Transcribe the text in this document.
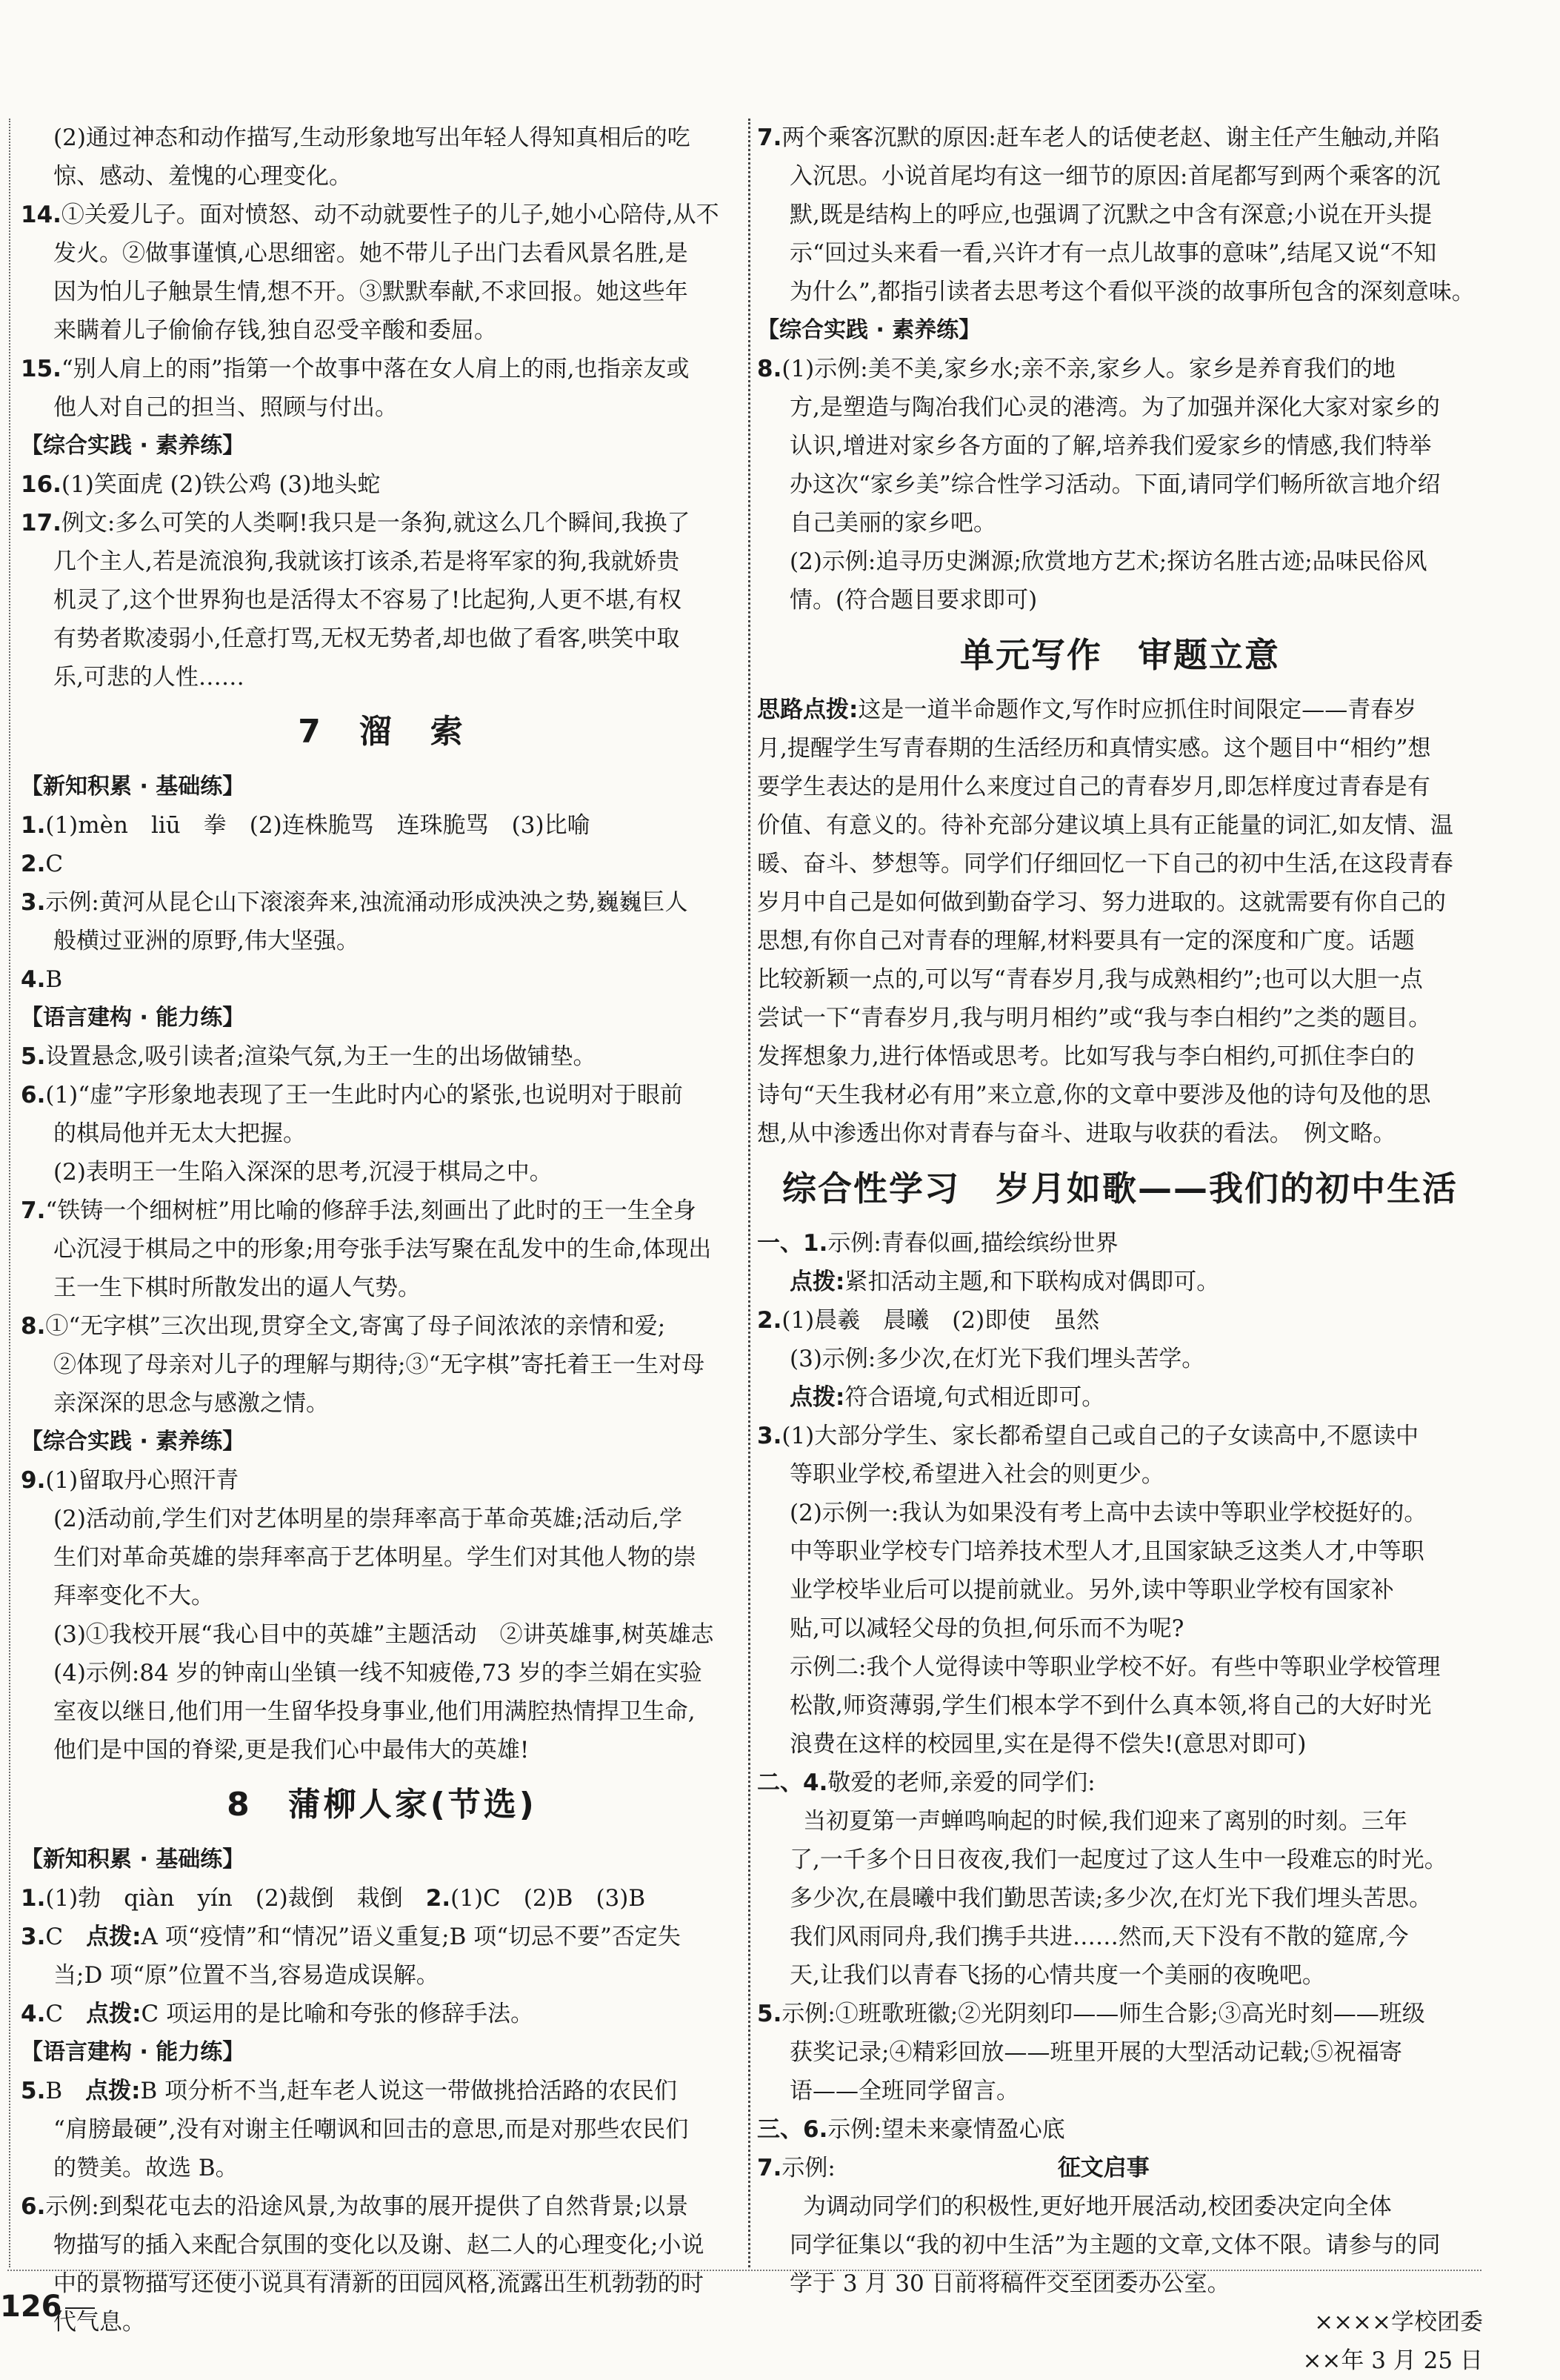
(2)通过神态和动作描写,生动形象地写出年轻人得知真相后的吃

惊、感动、羞愧的心理变化。

14.①关爱儿子。面对愤怒、动不动就要性子的儿子,她小心陪侍,从不

发火。②做事谨慎,心思细密。她不带儿子出门去看风景名胜,是

因为怕儿子触景生情,想不开。③默默奉献,不求回报。她这些年

来瞒着儿子偷偷存钱,独自忍受辛酸和委屈。

15.“别人肩上的雨”指第一个故事中落在女人肩上的雨,也指亲友或

他人对自己的担当、照顾与付出。

【综合实践 · 素养练】

16.(1)笑面虎 (2)铁公鸡 (3)地头蛇

17.例文:多么可笑的人类啊!我只是一条狗,就这么几个瞬间,我换了

几个主人,若是流浪狗,我就该打该杀,若是将军家的狗,我就娇贵

机灵了,这个世界狗也是活得太不容易了!比起狗,人更不堪,有权

有势者欺凌弱小,任意打骂,无权无势者,却也做了看客,哄笑中取

乐,可悲的人性……

7　溜　索

【新知积累 · 基础练】

1.(1)mèn　liū　拳　(2)连株脆骂　连珠脆骂　(3)比喻

2.C

3.示例:黄河从昆仑山下滚滚奔来,浊流涌动形成泱泱之势,巍巍巨人

般横过亚洲的原野,伟大坚强。

4.B

【语言建构 · 能力练】

5.设置悬念,吸引读者;渲染气氛,为王一生的出场做铺垫。

6.(1)“虚”字形象地表现了王一生此时内心的紧张,也说明对于眼前

的棋局他并无太大把握。

(2)表明王一生陷入深深的思考,沉浸于棋局之中。

7.“铁铸一个细树桩”用比喻的修辞手法,刻画出了此时的王一生全身

心沉浸于棋局之中的形象;用夸张手法写聚在乱发中的生命,体现出

王一生下棋时所散发出的逼人气势。

8.①“无字棋”三次出现,贯穿全文,寄寓了母子间浓浓的亲情和爱;

②体现了母亲对儿子的理解与期待;③“无字棋”寄托着王一生对母

亲深深的思念与感激之情。

【综合实践 · 素养练】

9.(1)留取丹心照汗青

(2)活动前,学生们对艺体明星的崇拜率高于革命英雄;活动后,学

生们对革命英雄的崇拜率高于艺体明星。学生们对其他人物的崇

拜率变化不大。

(3)①我校开展“我心目中的英雄”主题活动　②讲英雄事,树英雄志

(4)示例:84 岁的钟南山坐镇一线不知疲倦,73 岁的李兰娟在实验

室夜以继日,他们用一生留华投身事业,他们用满腔热情捍卫生命,

他们是中国的脊梁,更是我们心中最伟大的英雄!

8　蒲柳人家(节选)

【新知积累 · 基础练】

1.(1)勃　qiàn　yín　(2)裁倒　栽倒　2.(1)C　(2)B　(3)B

3.C　点拨:A 项“疫情”和“情况”语义重复;B 项“切忌不要”否定失

当;D 项“原”位置不当,容易造成误解。

4.C　点拨:C 项运用的是比喻和夸张的修辞手法。

【语言建构 · 能力练】

5.B　点拨:B 项分析不当,赶车老人说这一带做挑拾活路的农民们

“肩膀最硬”,没有对谢主任嘲讽和回击的意思,而是对那些农民们

的赞美。故选 B。

6.示例:到梨花屯去的沿途风景,为故事的展开提供了自然背景;以景

物描写的插入来配合氛围的变化以及谢、赵二人的心理变化;小说

中的景物描写还使小说具有清新的田园风格,流露出生机勃勃的时

代气息。

7.两个乘客沉默的原因:赶车老人的话使老赵、谢主任产生触动,并陷

入沉思。小说首尾均有这一细节的原因:首尾都写到两个乘客的沉

默,既是结构上的呼应,也强调了沉默之中含有深意;小说在开头提

示“回过头来看一看,兴许才有一点儿故事的意味”,结尾又说“不知

为什么”,都指引读者去思考这个看似平淡的故事所包含的深刻意味。

【综合实践 · 素养练】

8.(1)示例:美不美,家乡水;亲不亲,家乡人。家乡是养育我们的地

方,是塑造与陶冶我们心灵的港湾。为了加强并深化大家对家乡的

认识,增进对家乡各方面的了解,培养我们爱家乡的情感,我们特举

办这次“家乡美”综合性学习活动。下面,请同学们畅所欲言地介绍

自己美丽的家乡吧。

(2)示例:追寻历史渊源;欣赏地方艺术;探访名胜古迹;品味民俗风

情。(符合题目要求即可)

单元写作　审题立意

思路点拨:这是一道半命题作文,写作时应抓住时间限定——青春岁

月,提醒学生写青春期的生活经历和真情实感。这个题目中“相约”想

要学生表达的是用什么来度过自己的青春岁月,即怎样度过青春是有

价值、有意义的。待补充部分建议填上具有正能量的词汇,如友情、温

暖、奋斗、梦想等。同学们仔细回忆一下自己的初中生活,在这段青春

岁月中自己是如何做到勤奋学习、努力进取的。这就需要有你自己的

思想,有你自己对青春的理解,材料要具有一定的深度和广度。话题

比较新颖一点的,可以写“青春岁月,我与成熟相约”;也可以大胆一点

尝试一下“青春岁月,我与明月相约”或“我与李白相约”之类的题目。

发挥想象力,进行体悟或思考。比如写我与李白相约,可抓住李白的

诗句“天生我材必有用”来立意,你的文章中要涉及他的诗句及他的思

想,从中渗透出你对青春与奋斗、进取与收获的看法。　例文略。

综合性学习　岁月如歌——我们的初中生活

一、1.示例:青春似画,描绘缤纷世界

点拨:紧扣活动主题,和下联构成对偶即可。

2.(1)晨羲　晨曦　(2)即使　虽然

(3)示例:多少次,在灯光下我们埋头苦学。

点拨:符合语境,句式相近即可。

3.(1)大部分学生、家长都希望自己或自己的子女读高中,不愿读中

等职业学校,希望进入社会的则更少。

(2)示例一:我认为如果没有考上高中去读中等职业学校挺好的。

中等职业学校专门培养技术型人才,且国家缺乏这类人才,中等职

业学校毕业后可以提前就业。另外,读中等职业学校有国家补

贴,可以减轻父母的负担,何乐而不为呢?

示例二:我个人觉得读中等职业学校不好。有些中等职业学校管理

松散,师资薄弱,学生们根本学不到什么真本领,将自己的大好时光

浪费在这样的校园里,实在是得不偿失!(意思对即可)

二、4.敬爱的老师,亲爱的同学们:

当初夏第一声蝉鸣响起的时候,我们迎来了离别的时刻。三年

了,一千多个日日夜夜,我们一起度过了这人生中一段难忘的时光。

多少次,在晨曦中我们勤思苦读;多少次,在灯光下我们埋头苦思。

我们风雨同舟,我们携手共进……然而,天下没有不散的筵席,今

天,让我们以青春飞扬的心情共度一个美丽的夜晚吧。

5.示例:①班歌班徽;②光阴刻印——师生合影;③高光时刻——班级

获奖记录;④精彩回放——班里开展的大型活动记载;⑤祝福寄

语——全班同学留言。

三、6.示例:望未来豪情盈心底

7.示例:	征文启事

为调动同学们的积极性,更好地开展活动,校团委决定向全体

同学征集以“我的初中生活”为主题的文章,文体不限。请参与的同

学于 3 月 30 日前将稿件交至团委办公室。

××××学校团委

××年 3 月 25 日

126
